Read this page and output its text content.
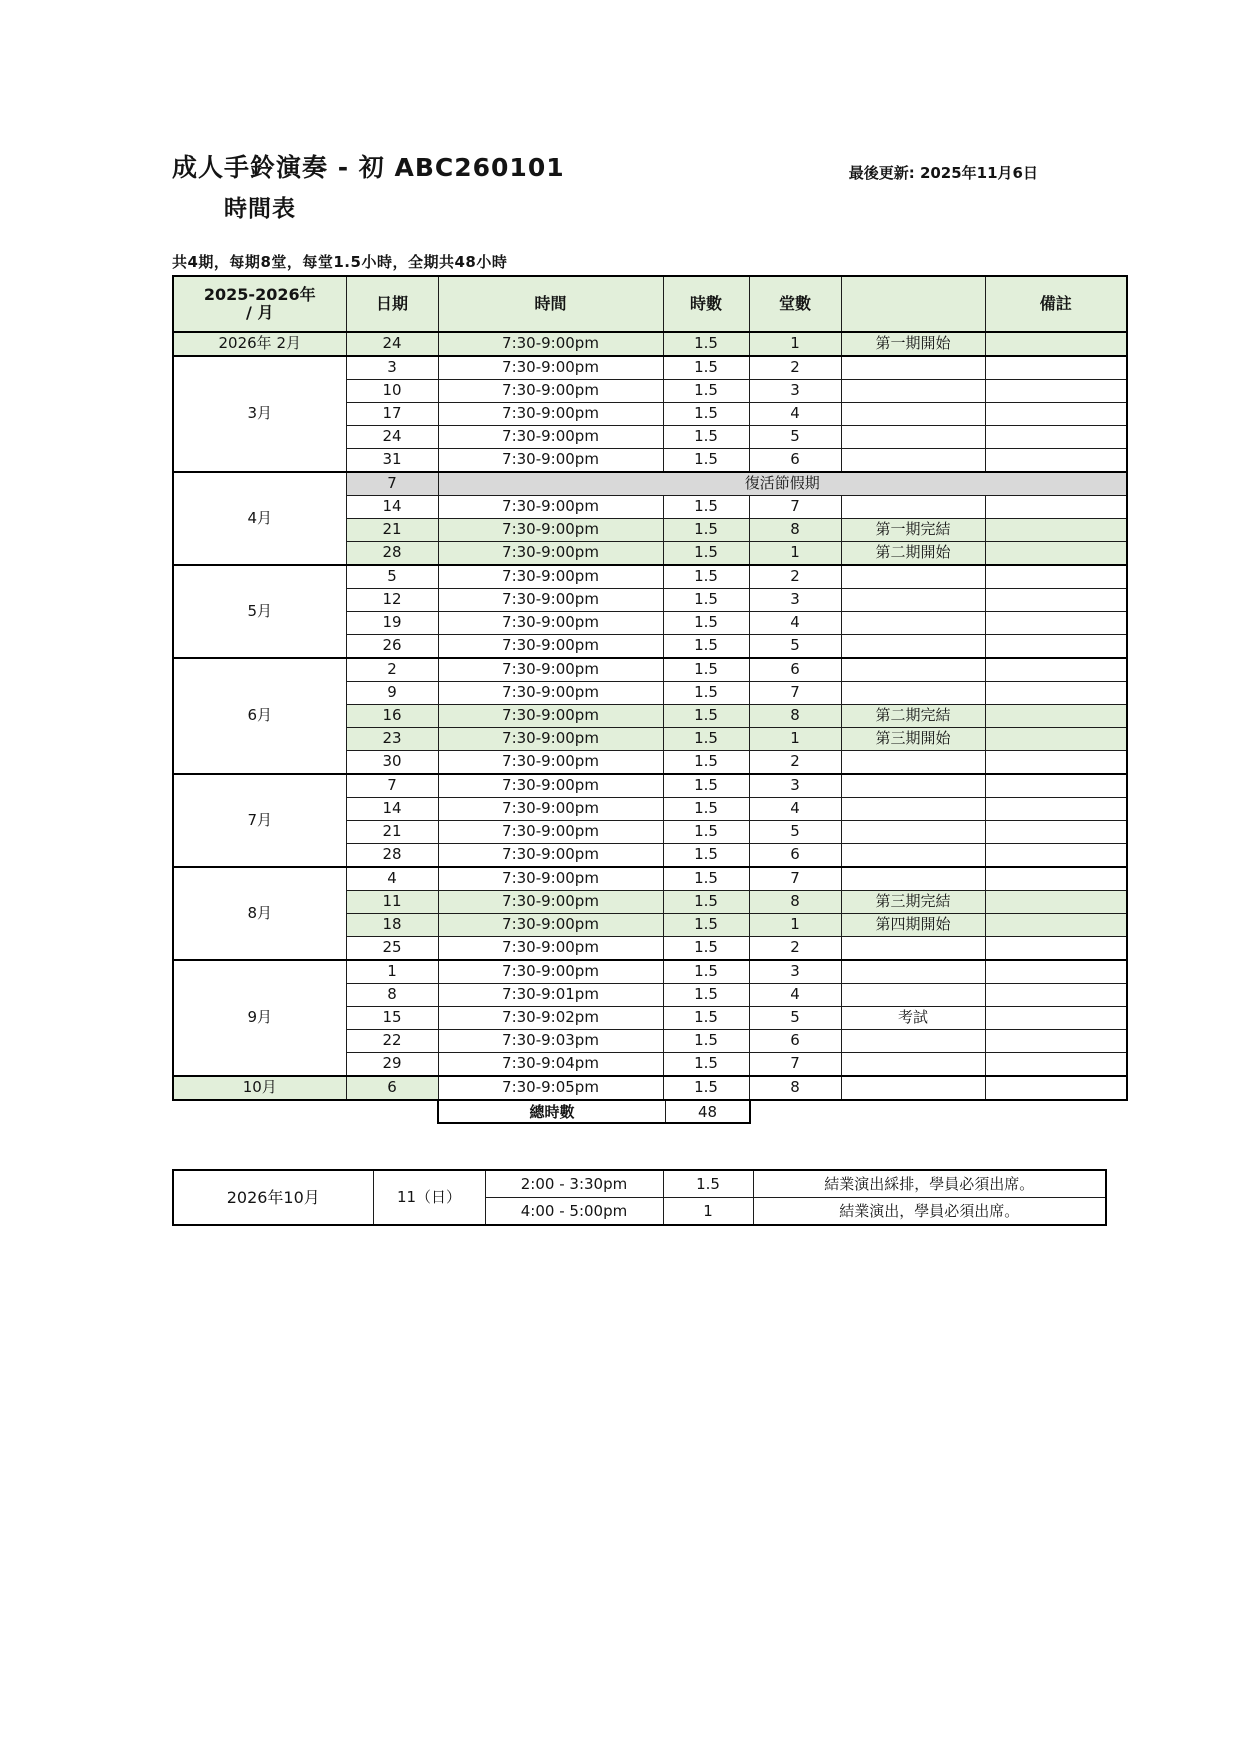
成人手鈴演奏 - 初 ABC260101
時間表
最後更新: 2025年11月6日
共4期，每期8堂，每堂1.5小時，全期共48小時
2025-2026年
/ 月	日期	時間	時數	堂數		備註
2026年 2月	24	7:30-9:00pm	1.5	1	第一期開始	
3月	3	7:30-9:00pm	1.5	2		
	10	7:30-9:00pm	1.5	3		
	17	7:30-9:00pm	1.5	4		
	24	7:30-9:00pm	1.5	5		
	31	7:30-9:00pm	1.5	6		
4月	7	復活節假期				
	14	7:30-9:00pm	1.5	7		
	21	7:30-9:00pm	1.5	8	第一期完結	
	28	7:30-9:00pm	1.5	1	第二期開始	
5月	5	7:30-9:00pm	1.5	2		
	12	7:30-9:00pm	1.5	3		
	19	7:30-9:00pm	1.5	4		
	26	7:30-9:00pm	1.5	5		
6月	2	7:30-9:00pm	1.5	6		
	9	7:30-9:00pm	1.5	7		
	16	7:30-9:00pm	1.5	8	第二期完結	
	23	7:30-9:00pm	1.5	1	第三期開始	
	30	7:30-9:00pm	1.5	2		
7月	7	7:30-9:00pm	1.5	3		
	14	7:30-9:00pm	1.5	4		
	21	7:30-9:00pm	1.5	5		
	28	7:30-9:00pm	1.5	6		
8月	4	7:30-9:00pm	1.5	7		
	11	7:30-9:00pm	1.5	8	第三期完結	
	18	7:30-9:00pm	1.5	1	第四期開始	
	25	7:30-9:00pm	1.5	2		
9月	1	7:30-9:00pm	1.5	3		
	8	7:30-9:01pm	1.5	4		
	15	7:30-9:02pm	1.5	5	考試	
	22	7:30-9:03pm	1.5	6		
	29	7:30-9:04pm	1.5	7		
10月	6	7:30-9:05pm	1.5	8		
總時數	48
2026年10月	11（日）	2:00 - 3:30pm	1.5	結業演出綵排，學員必須出席。
		4:00 - 5:00pm	1	結業演出，學員必須出席。
